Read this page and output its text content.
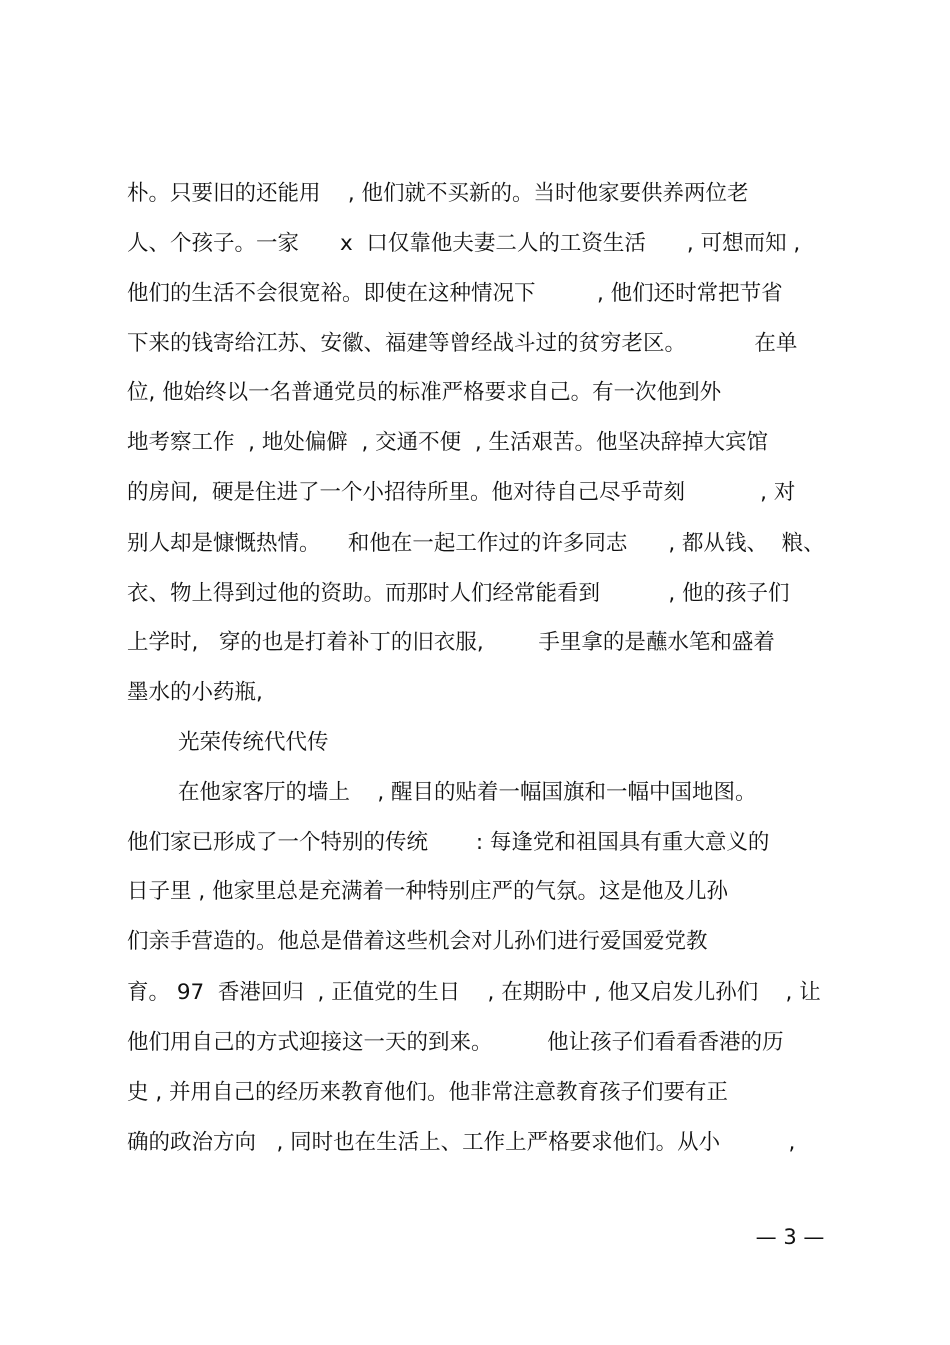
朴。只要旧的还能用    , 他们就不买新的。当时他家要供养两位老
人、个孩子。一家      x  口仅靠他夫妻二人的工资生活      , 可想而知 ,
他们的生活不会很宽裕。即使在这种情况下         , 他们还时常把节省
下来的钱寄给江苏、安徽、福建等曾经战斗过的贫穷老区。          在单
位, 他始终以一名普通党员的标准严格要求自己。有一次他到外
地考察工作  , 地处偏僻  , 交通不便  , 生活艰苦。他坚决辞掉大宾馆
的房间,  硬是住进了一个小招待所里。他对待自己尽乎苛刻           , 对
别人却是慷慨热情。    和他在一起工作过的许多同志      , 都从钱、  粮、
衣、物上得到过他的资助。而那时人们经常能看到          , 他的孩子们
上学时,   穿的也是打着补丁的旧衣服,        手里拿的是蘸水笔和盛着
墨水的小药瓶,
光荣传统代代传
在他家客厅的墙上    , 醒目的贴着一幅国旗和一幅中国地图。
他们家已形成了一个特别的传统       : 每逢党和祖国具有重大意义的
日子里 , 他家里总是充满着一种特别庄严的气氛。这是他及儿孙
们亲手营造的。他总是借着这些机会对儿孙们进行爱国爱党教
育。 97  香港回归  , 正值党的生日    , 在期盼中 , 他又启发儿孙们    , 让
他们用自己的方式迎接这一天的到来。        他让孩子们看看香港的历
史 , 并用自己的经历来教育他们。他非常注意教育孩子们要有正
确的政治方向   , 同时也在生活上、工作上严格要求他们。从小          ,
— 3 —
